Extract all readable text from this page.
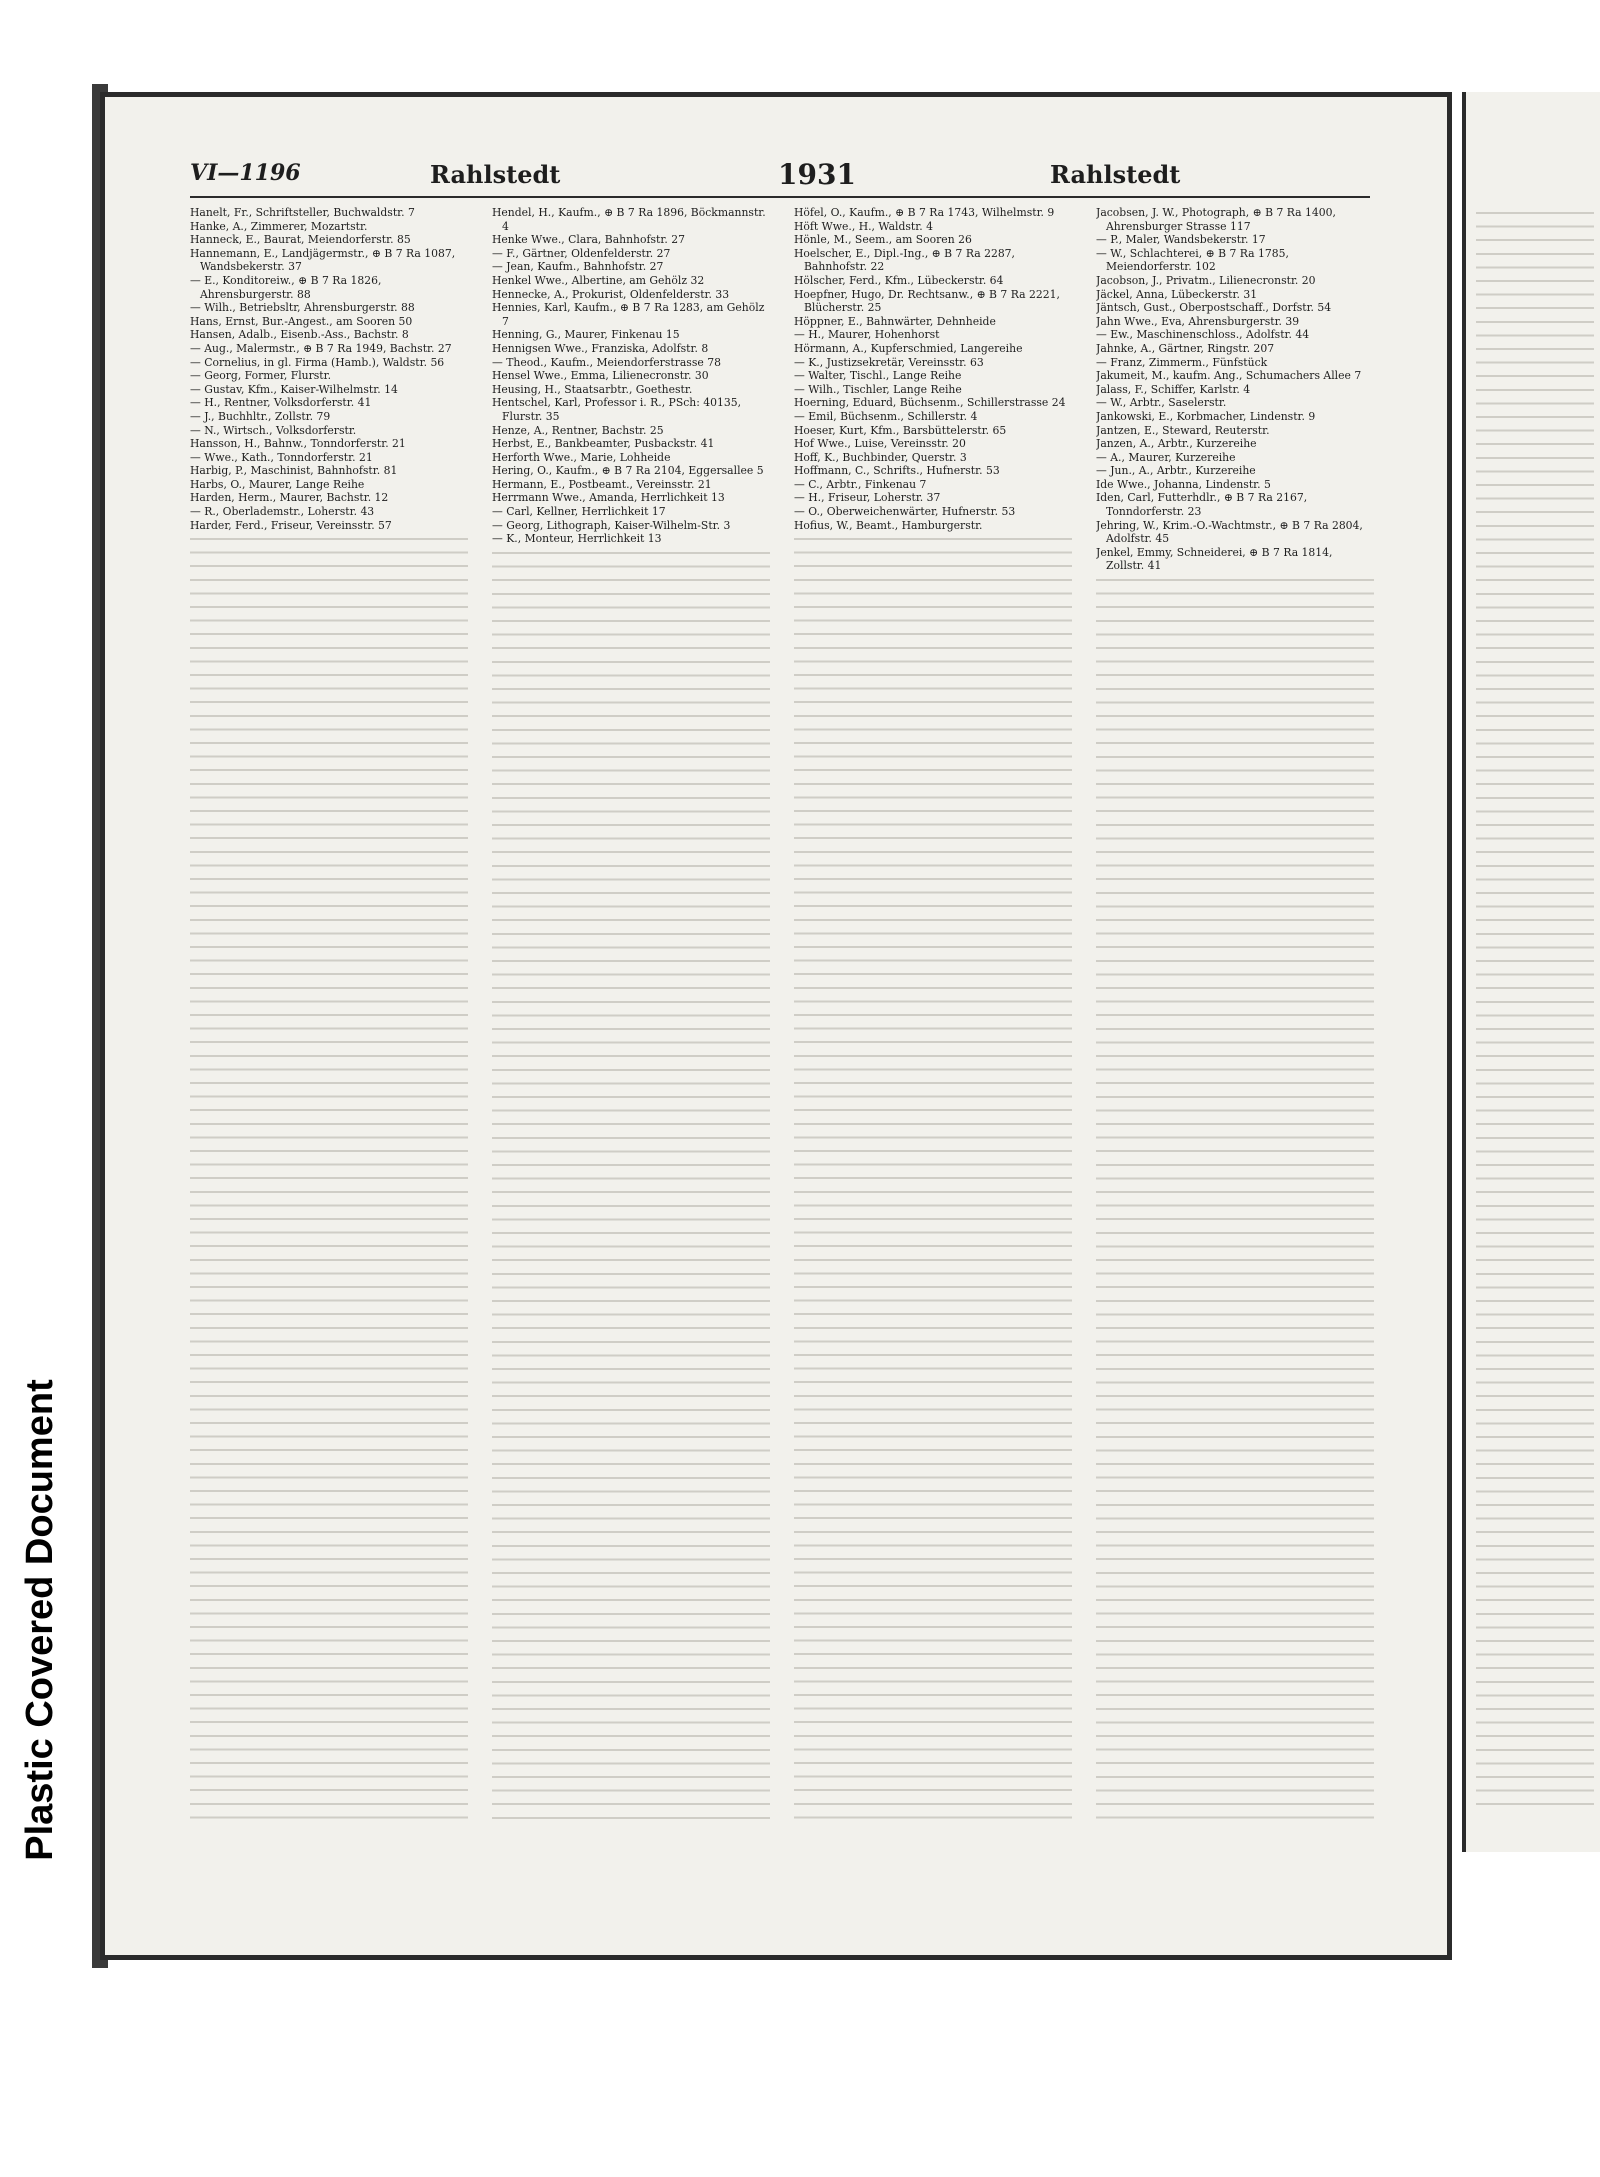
Plastic Covered Document
VI—1196	Rahlstedt	1931	Rahlstedt

Hanelt, Fr., Schriftsteller, Buchwaldstr. 7

Hanke, A., Zimmerer, Mozartstr.

Hanneck, E., Baurat, Meiendorferstr. 85

Hannemann, E., Landjägermstr., ⊕ B 7 Ra 1087, Wandsbekerstr. 37

— E., Konditoreiw., ⊕ B 7 Ra 1826, Ahrensburgerstr. 88

— Wilh., Betriebsltr, Ahrensburgerstr. 88

Hans, Ernst, Bur.-Angest., am Sooren 50

Hansen, Adalb., Eisenb.-Ass., Bachstr. 8

— Aug., Malermstr., ⊕ B 7 Ra 1949, Bachstr. 27

— Cornelius, in gl. Firma (Hamb.), Waldstr. 56

— Georg, Former, Flurstr.

— Gustav, Kfm., Kaiser-Wilhelmstr. 14

— H., Rentner, Volksdorferstr. 41

— J., Buchhltr., Zollstr. 79

— N., Wirtsch., Volksdorferstr.

Hansson, H., Bahnw., Tonndorferstr. 21

— Wwe., Kath., Tonndorferstr. 21

Harbig, P., Maschinist, Bahnhofstr. 81

Harbs, O., Maurer, Lange Reihe

Harden, Herm., Maurer, Bachstr. 12

— R., Oberlademstr., Loherstr. 43

Harder, Ferd., Friseur, Vereinsstr. 57

Hendel, H., Kaufm., ⊕ B 7 Ra 1896, Böckmannstr. 4

Henke Wwe., Clara, Bahnhofstr. 27

— F., Gärtner, Oldenfelderstr. 27

— Jean, Kaufm., Bahnhofstr. 27

Henkel Wwe., Albertine, am Gehölz 32

Hennecke, A., Prokurist, Oldenfelderstr. 33

Hennies, Karl, Kaufm., ⊕ B 7 Ra 1283, am Gehölz 7

Henning, G., Maurer, Finkenau 15

Hennigsen Wwe., Franziska, Adolfstr. 8

— Theod., Kaufm., Meiendorferstrasse 78

Hensel Wwe., Emma, Lilienecronstr. 30

Heusing, H., Staatsarbtr., Goethestr.

Hentschel, Karl, Professor i. R., PSch: 40135, Flurstr. 35

Henze, A., Rentner, Bachstr. 25

Herbst, E., Bankbeamter, Pusbackstr. 41

Herforth Wwe., Marie, Lohheide

Hering, O., Kaufm., ⊕ B 7 Ra 2104, Eggersallee 5

Hermann, E., Postbeamt., Vereinsstr. 21

Herrmann Wwe., Amanda, Herrlichkeit 13

— Carl, Kellner, Herrlichkeit 17

— Georg, Lithograph, Kaiser-Wilhelm-Str. 3

— K., Monteur, Herrlichkeit 13

Höfel, O., Kaufm., ⊕ B 7 Ra 1743, Wilhelmstr. 9

Höft Wwe., H., Waldstr. 4

Hönle, M., Seem., am Sooren 26

Hoelscher, E., Dipl.-Ing., ⊕ B 7 Ra 2287, Bahnhofstr. 22

Hölscher, Ferd., Kfm., Lübeckerstr. 64

Hoepfner, Hugo, Dr. Rechtsanw., ⊕ B 7 Ra 2221, Blücherstr. 25

Höppner, E., Bahnwärter, Dehnheide

— H., Maurer, Hohenhorst

Hörmann, A., Kupferschmied, Langereihe

— K., Justizsekretär, Vereinsstr. 63

— Walter, Tischl., Lange Reihe

— Wilh., Tischler, Lange Reihe

Hoerning, Eduard, Büchsenm., Schillerstrasse 24

— Emil, Büchsenm., Schillerstr. 4

Hoeser, Kurt, Kfm., Barsbüttelerstr. 65

Hof Wwe., Luise, Vereinsstr. 20

Hoff, K., Buchbinder, Querstr. 3

Hoffmann, C., Schrifts., Hufnerstr. 53

— C., Arbtr., Finkenau 7

— H., Friseur, Loherstr. 37

— O., Oberweichenwärter, Hufnerstr. 53

Hofius, W., Beamt., Hamburgerstr.

Jacobsen, J. W., Photograph, ⊕ B 7 Ra 1400, Ahrensburger Strasse 117

— P., Maler, Wandsbekerstr. 17

— W., Schlachterei, ⊕ B 7 Ra 1785, Meiendorferstr. 102

Jacobson, J., Privatm., Lilienecronstr. 20

Jäckel, Anna, Lübeckerstr. 31

Jäntsch, Gust., Oberpostschaff., Dorfstr. 54

Jahn Wwe., Eva, Ahrensburgerstr. 39

— Ew., Maschinenschloss., Adolfstr. 44

Jahnke, A., Gärtner, Ringstr. 207

— Franz, Zimmerm., Fünfstück

Jakumeit, M., kaufm. Ang., Schumachers Allee 7

Jalass, F., Schiffer, Karlstr. 4

— W., Arbtr., Saselerstr.

Jankowski, E., Korbmacher, Lindenstr. 9

Jantzen, E., Steward, Reuterstr.

Janzen, A., Arbtr., Kurzereihe

— A., Maurer, Kurzereihe

— Jun., A., Arbtr., Kurzereihe

Ide Wwe., Johanna, Lindenstr. 5

Iden, Carl, Futterhdlr., ⊕ B 7 Ra 2167, Tonndorferstr. 23

Jehring, W., Krim.-O.-Wachtmstr., ⊕ B 7 Ra 2804, Adolfstr. 45

Jenkel, Emmy, Schneiderei, ⊕ B 7 Ra 1814, Zollstr. 41
